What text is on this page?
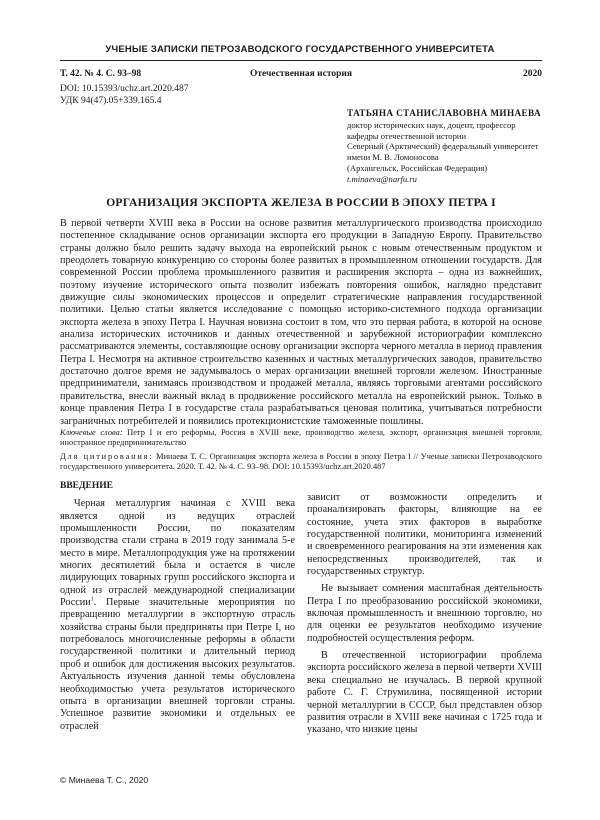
УЧЕНЫЕ ЗАПИСКИ ПЕТРОЗАВОДСКОГО ГОСУДАРСТВЕННОГО УНИВЕРСИТЕТА
Т. 42. № 4. С. 93–98	Отечественная история	2020
DOI: 10.15393/uchz.art.2020.487
УДК 94(47).05+339.165.4
ТАТЬЯНА СТАНИСЛАВОВНА МИНАЕВА
доктор исторических наук, доцент, профессор кафедры отечественной истории
Северный (Арктический) федеральный университет имени М. В. Ломоносова
(Архангельск, Российская Федерация)
t.minaeva@narfu.ru
ОРГАНИЗАЦИЯ ЭКСПОРТА ЖЕЛЕЗА В РОССИИ В ЭПОХУ ПЕТРА I
В первой четверти XVIII века в России на основе развития металлургического производства происходило постепенное складывание основ организации экспорта его продукции в Западную Европу. Правительство страны должно было решить задачу выхода на европейский рынок с новым отечественным продуктом и преодолеть товарную конкуренцию со стороны более развитых в промышленном отношении государств. Для современной России проблема промышленного развития и расширения экспорта – одна из важнейших, поэтому изучение исторического опыта позволит избежать повторения ошибок, наглядно представит движущие силы экономических процессов и определит стратегические направления государственной политики. Целью статьи является исследование с помощью историко-системного подхода организации экспорта железа в эпоху Петра I. Научная новизна состоит в том, что это первая работа, в которой на основе анализа исторических источников и данных отечественной и зарубежной историографии комплексно рассматриваются элементы, составляющие основу организации экспорта черного металла в период правления Петра I. Несмотря на активное строительство казенных и частных металлургических заводов, правительство достаточно долгое время не задумывалось о мерах организации внешней торговли железом. Иностранные предприниматели, занимаясь производством и продажей металла, являясь торговыми агентами российского правительства, внесли важный вклад в продвижение российского металла на европейский рынок. Только в конце правления Петра I в государстве стала разрабатываться ценовая политика, учитываться потребности заграничных потребителей и появились протекционистские таможенные пошлины.
Ключевые слова: Петр I и его реформы, Россия в XVIII веке, производство железа, экспорт, организация внешней торговли, иностранное предпринимательство
Для цитирования: Минаева Т. С. Организация экспорта железа в России в эпоху Петра I // Ученые записки Петрозаводского государственного университета. 2020. Т. 42. № 4. С. 93–98. DOI: 10.15393/uchz.art.2020.487
ВВЕДЕНИЕ

Черная металлургия начиная с XVIII века является одной из ведущих отраслей промышленности России, по показателям производства стали страна в 2019 году занимала 5-е место в мире. Металлопродукция уже на протяжении многих десятилетий была и остается в числе лидирующих товарных групп российского экспорта и одной из отраслей международной специализации России$^1$. Первые значительные мероприятия по превращению металлургии в экспортную отрасль хозяйства страны были предприняты при Петре I, но потребовалось многочисленные реформы в области государственной политики и длительный период проб и ошибок для достижения высоких результатов. Актуальность изучения данной темы обусловлена необходимостью учета результатов исторического опыта в организации внешней торговли страны. Успешное развитие экономики и отдельных ее отраслей

зависит от возможности определить и проанализировать факторы, влияющие на ее состояние, учета этих факторов в выработке государственной политики, мониторинга изменений и своевременного реагирования на эти изменения как непосредственных производителей, так и государственных структур.

Не вызывает сомнения масштабная деятельность Петра I по преобразованию российской экономики, включая промышленность и внешнюю торговлю, но для оценки ее результатов необходимо изучение подробностей осуществления реформ.

В отечественной историографии проблема экспорта российского железа в первой четверти XVIII века специально не изучалась. В первой крупной работе С. Г. Струмилина, посвященной истории черной металлургии в СССР, был представлен обзор развития отрасли в XVIII веке начиная с 1725 года и указано, что низкие цены

© Минаева Т. С., 2020
